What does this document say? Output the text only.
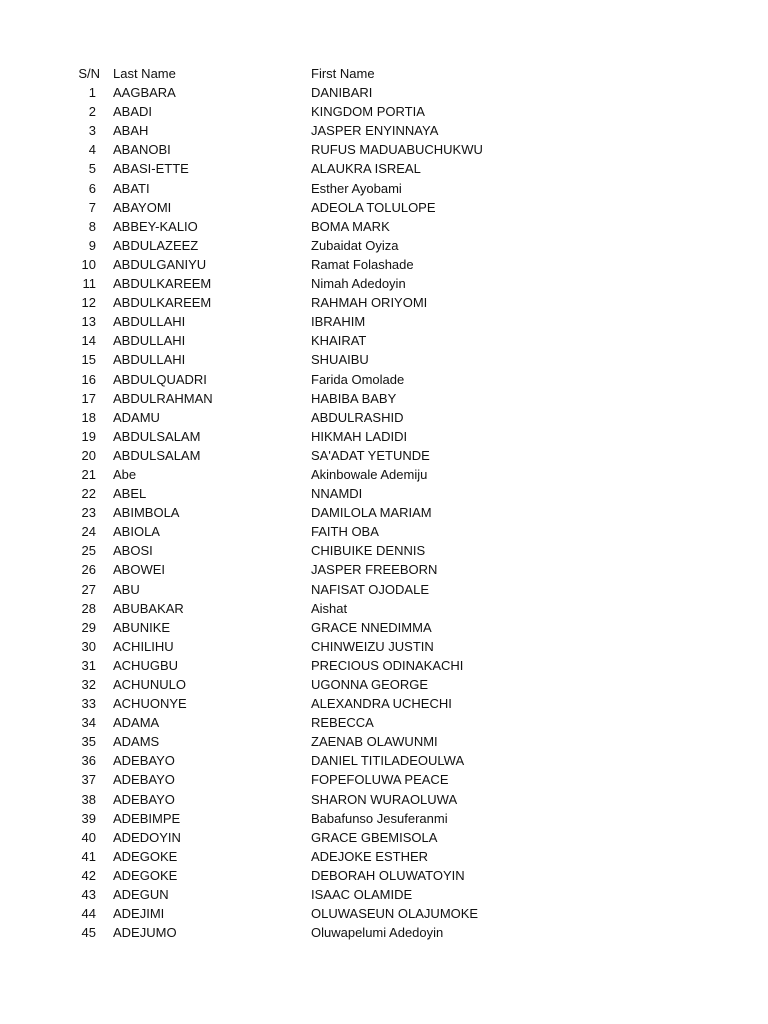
S/N Last Name	First Name
1 AAGBARA	DANIBARI
2 ABADI	KINGDOM PORTIA
3 ABAH	JASPER ENYINNAYA
4 ABANOBI	RUFUS MADUABUCHUKWU
5 ABASI-ETTE	ALAUKRA ISREAL
6 ABATI	Esther Ayobami
7 ABAYOMI	ADEOLA TOLULOPE
8 ABBEY-KALIO	BOMA MARK
9 ABDULAZEEZ	Zubaidat Oyiza
10 ABDULGANIYU	Ramat Folashade
11 ABDULKAREEM	Nimah Adedoyin
12 ABDULKAREEM	RAHMAH ORIYOMI
13 ABDULLAHI	IBRAHIM
14 ABDULLAHI	KHAIRAT
15 ABDULLAHI	SHUAIBU
16 ABDULQUADRI	Farida Omolade
17 ABDULRAHMAN	HABIBA BABY
18 ADAMU	ABDULRASHID
19 ABDULSALAM	HIKMAH LADIDI
20 ABDULSALAM	SA'ADAT YETUNDE
21 Abe	Akinbowale Ademiju
22 ABEL	NNAMDI
23 ABIMBOLA	DAMILOLA MARIAM
24 ABIOLA	FAITH OBA
25 ABOSI	CHIBUIKE DENNIS
26 ABOWEI	JASPER FREEBORN
27 ABU	NAFISAT OJODALE
28 ABUBAKAR	Aishat
29 ABUNIKE	GRACE NNEDIMMA
30 ACHILIHU	CHINWEIZU JUSTIN
31 ACHUGBU	PRECIOUS ODINAKACHI
32 ACHUNULO	UGONNA GEORGE
33 ACHUONYE	ALEXANDRA UCHECHI
34 ADAMA	REBECCA
35 ADAMS	ZAENAB OLAWUNMI
36 ADEBAYO	DANIEL TITILADEOULWA
37 ADEBAYO	FOPEFOLUWA PEACE
38 ADEBAYO	SHARON WURAOLUWA
39 ADEBIMPE	Babafunso Jesuferanmi
40 ADEDOYIN	GRACE GBEMISOLA
41 ADEGOKE	ADEJOKE ESTHER
42 ADEGOKE	DEBORAH OLUWATOYIN
43 ADEGUN	ISAAC OLAMIDE
44 ADEJIMI	OLUWASEUN OLAJUMOKE
45 ADEJUMO	Oluwapelumi Adedoyin
